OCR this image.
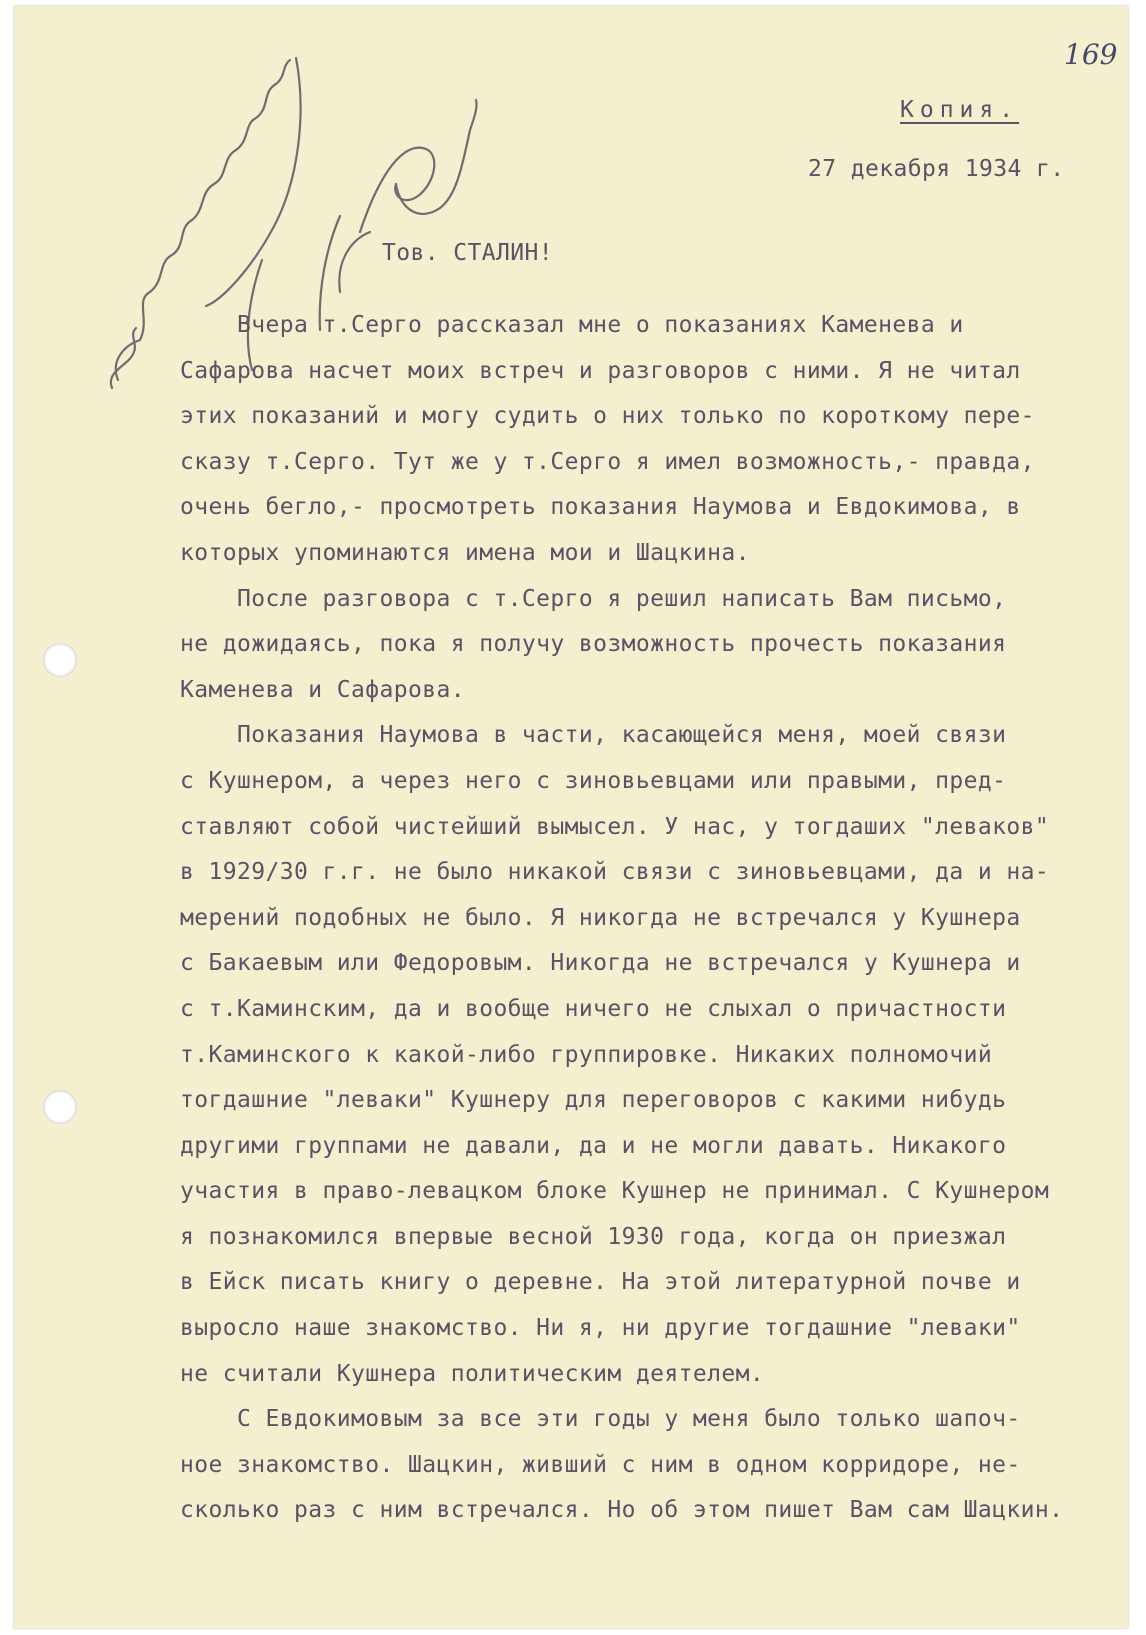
169
Копия.
27 декабря 1934 г.
Тов. СТАЛИН!
Вчера т.Серго рассказал мне о показаниях Каменева и
Сафарова насчет моих встреч и разговоров с ними. Я не читал
этих показаний и могу судить о них только по короткому пере-
сказу т.Серго. Тут же у т.Серго я имел возможность,- правда,
очень бегло,- просмотреть показания Наумова и Евдокимова, в
которых упоминаются имена мои и Шацкина.
После разговора с т.Серго я решил написать Вам письмо,
не дожидаясь, пока я получу возможность прочесть показания
Каменева и Сафарова.
Показания Наумова в части, касающейся меня, моей связи
с Кушнером, а через него с зиновьевцами или правыми, пред-
ставляют собой чистейший вымысел. У нас, у тогдаших "леваков"
в 1929/30 г.г. не было никакой связи с зиновьевцами, да и на-
мерений подобных не было. Я никогда не встречался у Кушнера
с Бакаевым или Федоровым. Никогда не встречался у Кушнера и
с т.Каминским, да и вообще ничего не слыхал о причастности
т.Каминского к какой-либо группировке. Никаких полномочий
тогдашние "леваки" Кушнеру для переговоров с какими нибудь
другими группами не давали, да и не могли давать. Никакого
участия в право-левацком блоке Кушнер не принимал. С Кушнером
я познакомился впервые весной 1930 года, когда он приезжал
в Ейск писать книгу о деревне. На этой литературной почве и
выросло наше знакомство. Ни я, ни другие тогдашние "леваки"
не считали Кушнера политическим деятелем.
С Евдокимовым за все эти годы у меня было только шапоч-
ное знакомство. Шацкин, живший с ним в одном корридоре, не-
сколько раз с ним встречался. Но об этом пишет Вам сам Шацкин.
